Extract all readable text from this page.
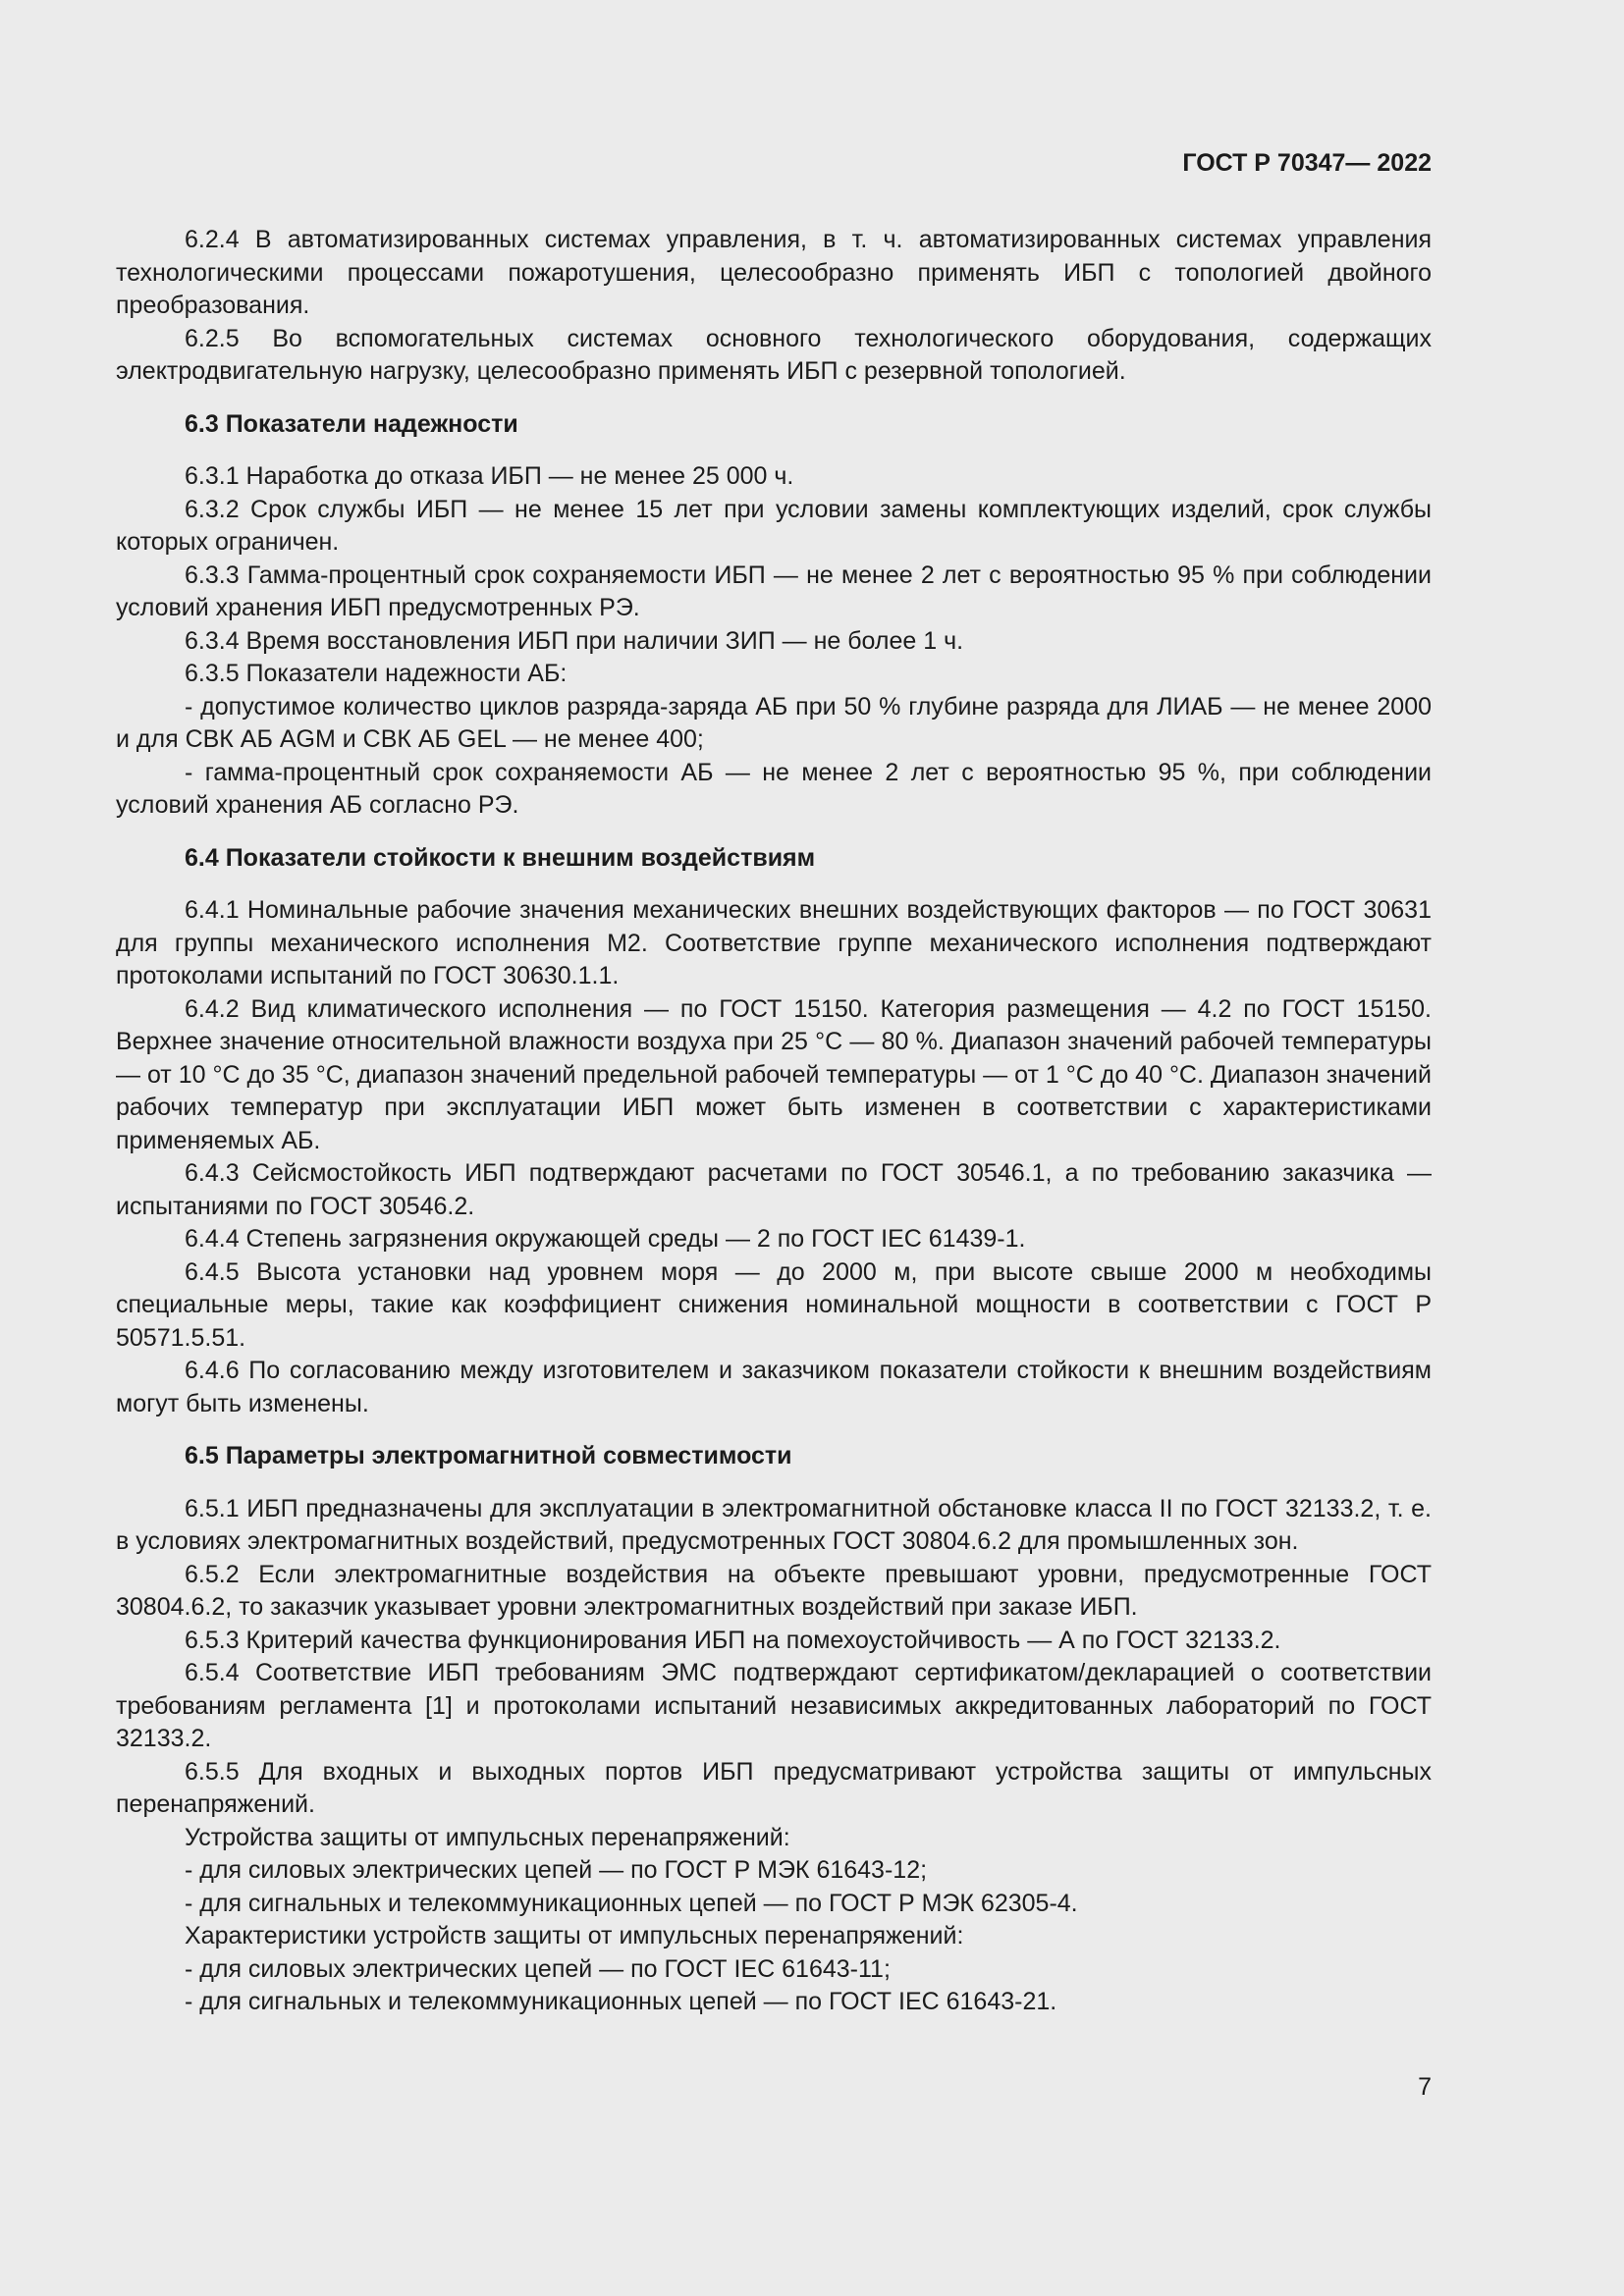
ГОСТ Р 70347— 2022

6.2.4 В автоматизированных системах управления, в т. ч. автоматизированных системах управления технологическими процессами пожаротушения, целесообразно применять ИБП с топологией двойного преобразования.

6.2.5 Во вспомогательных системах основного технологического оборудования, содержащих электродвигательную нагрузку, целесообразно применять ИБП с резервной топологией.

6.3 Показатели надежности

6.3.1 Наработка до отказа ИБП — не менее 25 000 ч.

6.3.2 Срок службы ИБП — не менее 15 лет при условии замены комплектующих изделий, срок службы которых ограничен.

6.3.3 Гамма-процентный срок сохраняемости ИБП — не менее 2 лет с вероятностью 95 % при соблюдении условий хранения ИБП предусмотренных РЭ.

6.3.4 Время восстановления ИБП при наличии ЗИП — не более 1 ч.

6.3.5 Показатели надежности АБ:

- допустимое количество циклов разряда-заряда АБ при 50 % глубине разряда для ЛИАБ — не менее 2000 и для СВК АБ AGM и СВК АБ GEL — не менее 400;

- гамма-процентный срок сохраняемости АБ — не менее 2 лет с вероятностью 95 %, при соблюдении условий хранения АБ согласно РЭ.

6.4 Показатели стойкости к внешним воздействиям

6.4.1 Номинальные рабочие значения механических внешних воздействующих факторов — по ГОСТ 30631 для группы механического исполнения М2. Соответствие группе механического исполнения подтверждают протоколами испытаний по ГОСТ 30630.1.1.

6.4.2 Вид климатического исполнения — по ГОСТ 15150. Категория размещения — 4.2 по ГОСТ 15150. Верхнее значение относительной влажности воздуха при 25 °С — 80 %. Диапазон значений рабочей температуры — от 10 °С до 35 °С, диапазон значений предельной рабочей температуры — от 1 °С до 40 °С. Диапазон значений рабочих температур при эксплуатации ИБП может быть изменен в соответствии с характеристиками применяемых АБ.

6.4.3 Сейсмостойкость ИБП подтверждают расчетами по ГОСТ 30546.1, а по требованию заказчика — испытаниями по ГОСТ 30546.2.

6.4.4 Степень загрязнения окружающей среды — 2 по ГОСТ IEC 61439-1.

6.4.5 Высота установки над уровнем моря — до 2000 м, при высоте свыше 2000 м необходимы специальные меры, такие как коэффициент снижения номинальной мощности в соответствии с ГОСТ Р 50571.5.51.

6.4.6 По согласованию между изготовителем и заказчиком показатели стойкости к внешним воздействиям могут быть изменены.

6.5 Параметры электромагнитной совместимости

6.5.1 ИБП предназначены для эксплуатации в электромагнитной обстановке класса II по ГОСТ 32133.2, т. е. в условиях электромагнитных воздействий, предусмотренных ГОСТ 30804.6.2 для промышленных зон.

6.5.2 Если электромагнитные воздействия на объекте превышают уровни, предусмотренные ГОСТ 30804.6.2, то заказчик указывает уровни электромагнитных воздействий при заказе ИБП.

6.5.3 Критерий качества функционирования ИБП на помехоустойчивость — А по ГОСТ 32133.2.

6.5.4 Соответствие ИБП требованиям ЭМС подтверждают сертификатом/декларацией о соответствии требованиям регламента [1] и протоколами испытаний независимых аккредитованных лабораторий по ГОСТ 32133.2.

6.5.5 Для входных и выходных портов ИБП предусматривают устройства защиты от импульсных перенапряжений.

Устройства защиты от импульсных перенапряжений:

- для силовых электрических цепей — по ГОСТ Р МЭК 61643-12;

- для сигнальных и телекоммуникационных цепей — по ГОСТ Р МЭК 62305-4.

Характеристики устройств защиты от импульсных перенапряжений:

- для силовых электрических цепей — по ГОСТ IEC 61643-11;

- для сигнальных и телекоммуникационных цепей — по ГОСТ IEC 61643-21.

7
